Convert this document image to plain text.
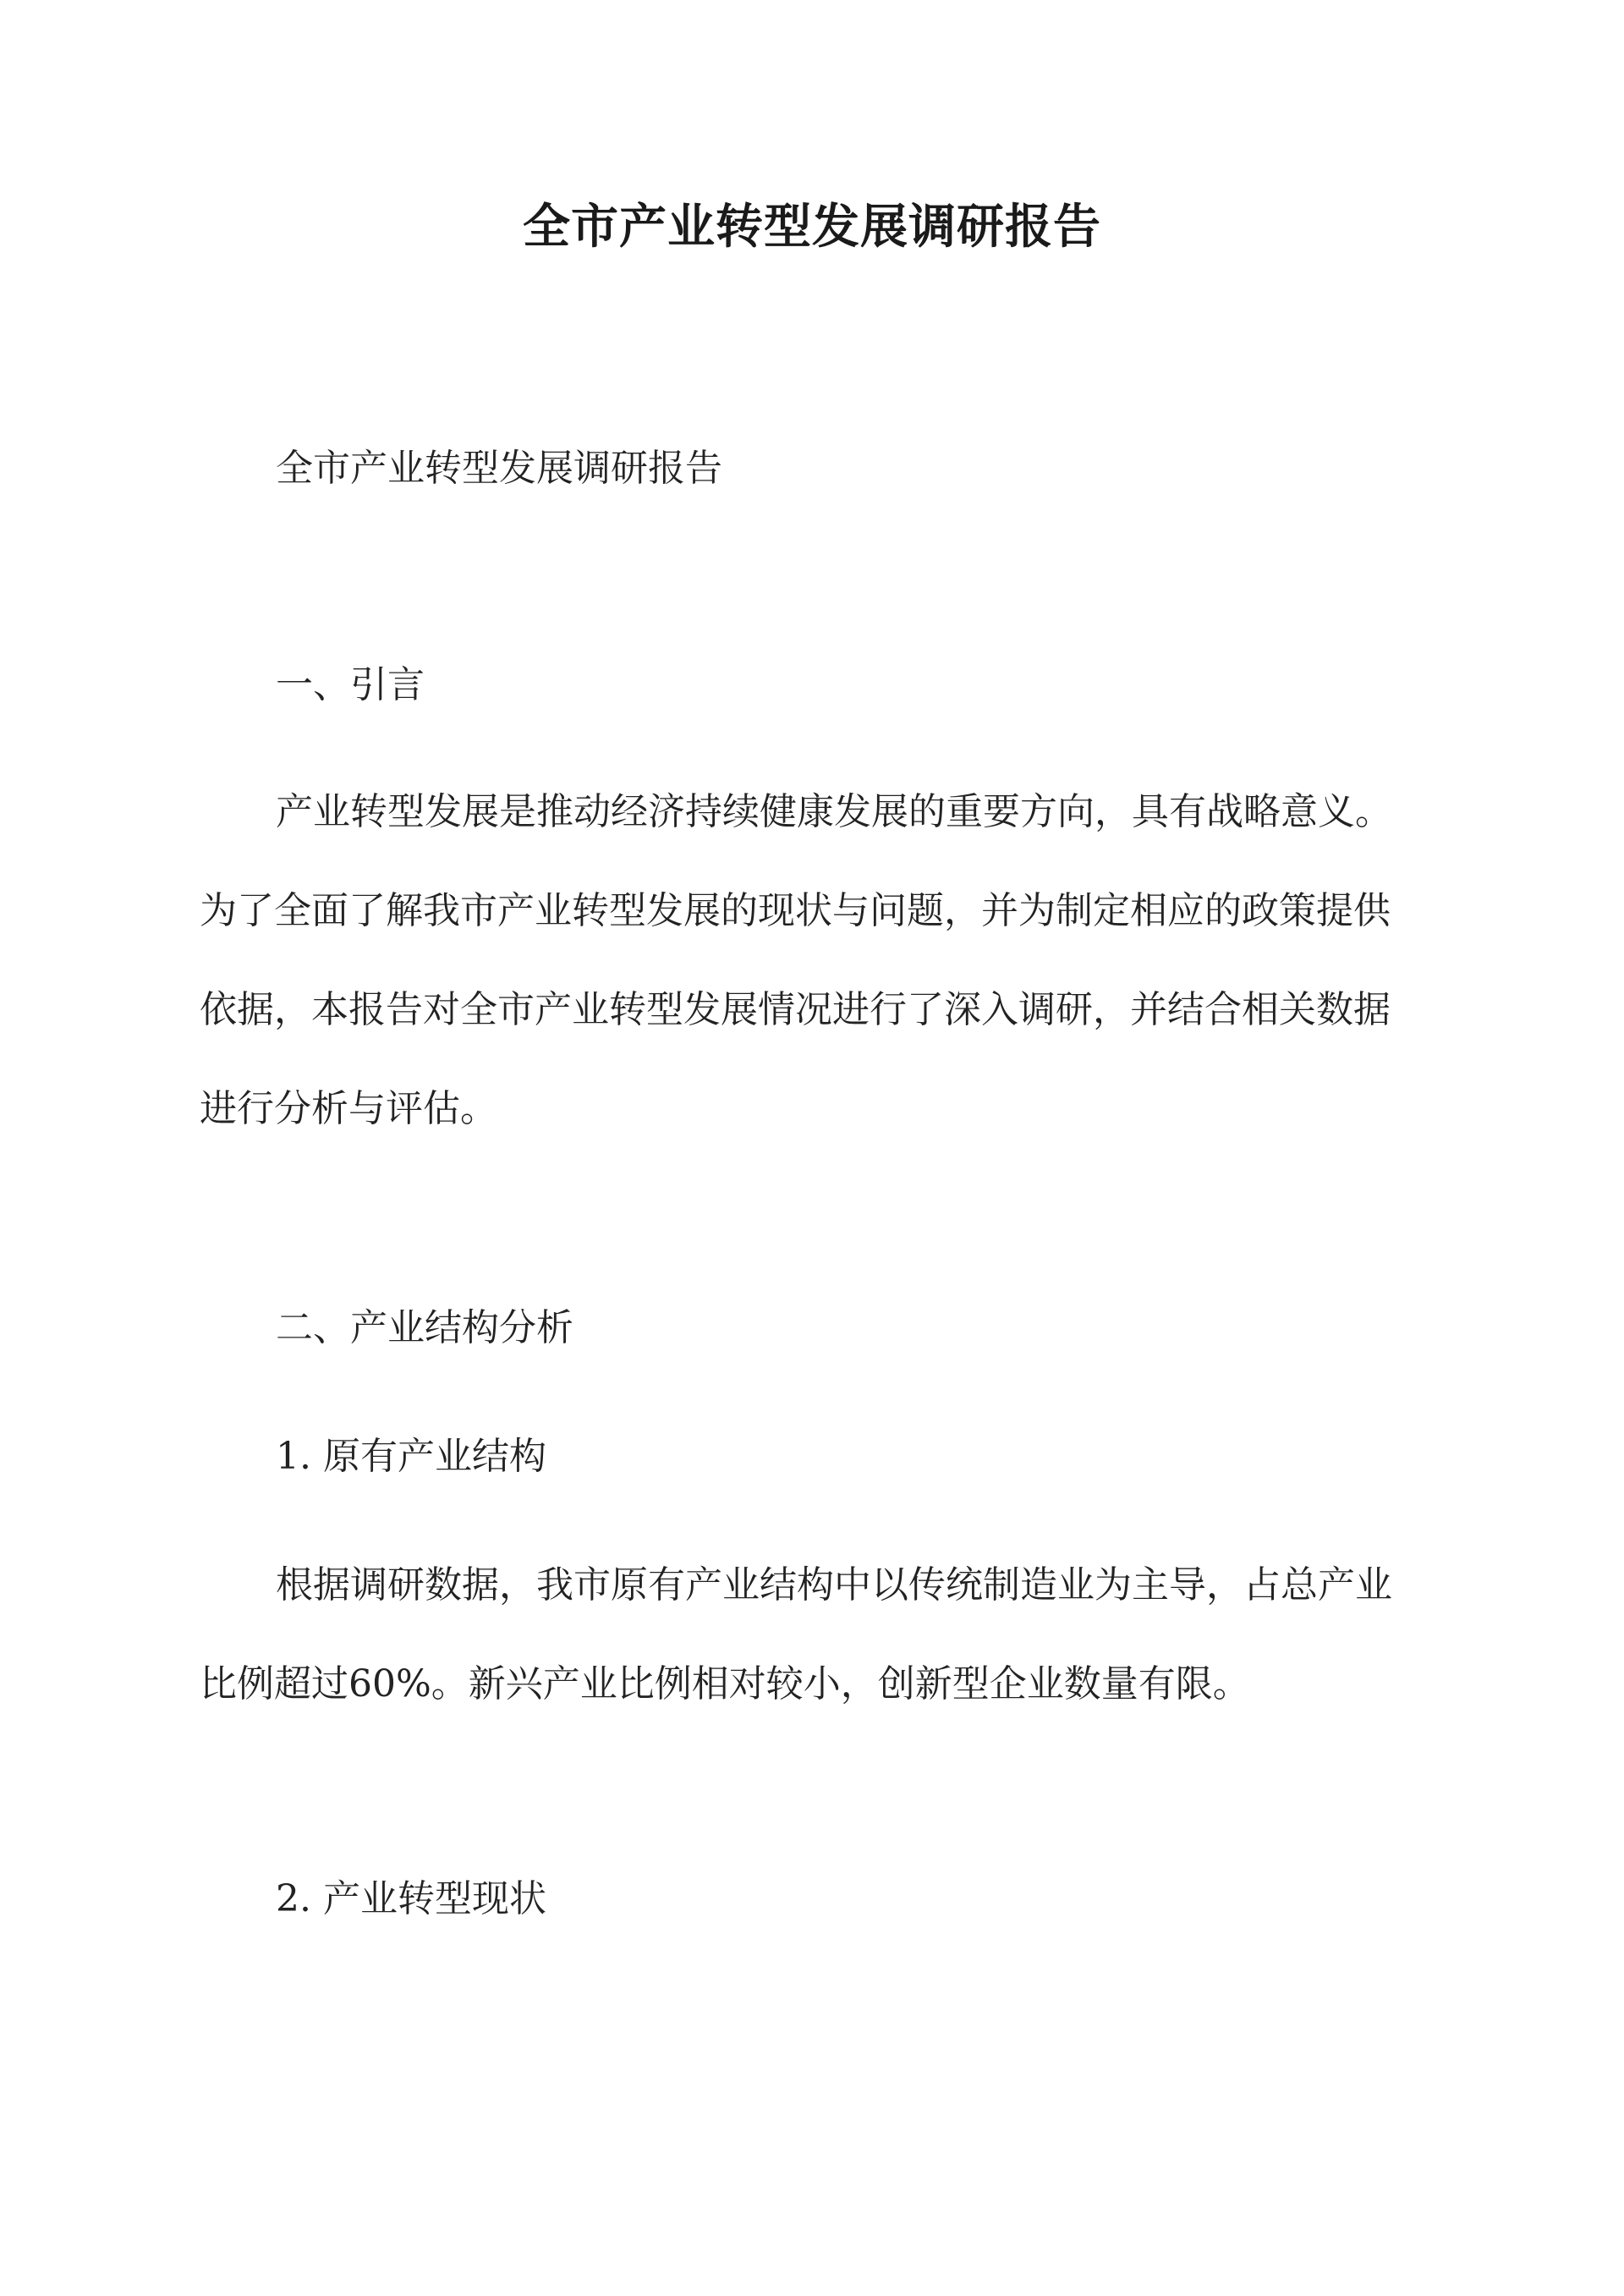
全市产业转型发展调研报告
全市产业转型发展调研报告
一、引言
产业转型发展是推动经济持续健康发展的重要方向，具有战略意义。
为了全面了解我市产业转型发展的现状与问题，并为制定相应的政策提供
依据，本报告对全市产业转型发展情况进行了深入调研，并结合相关数据
进行分析与评估。
二、产业结构分析
1. 原有产业结构
根据调研数据，我市原有产业结构中以传统制造业为主导，占总产业
比例超过60%。新兴产业比例相对较小，创新型企业数量有限。
2. 产业转型现状
